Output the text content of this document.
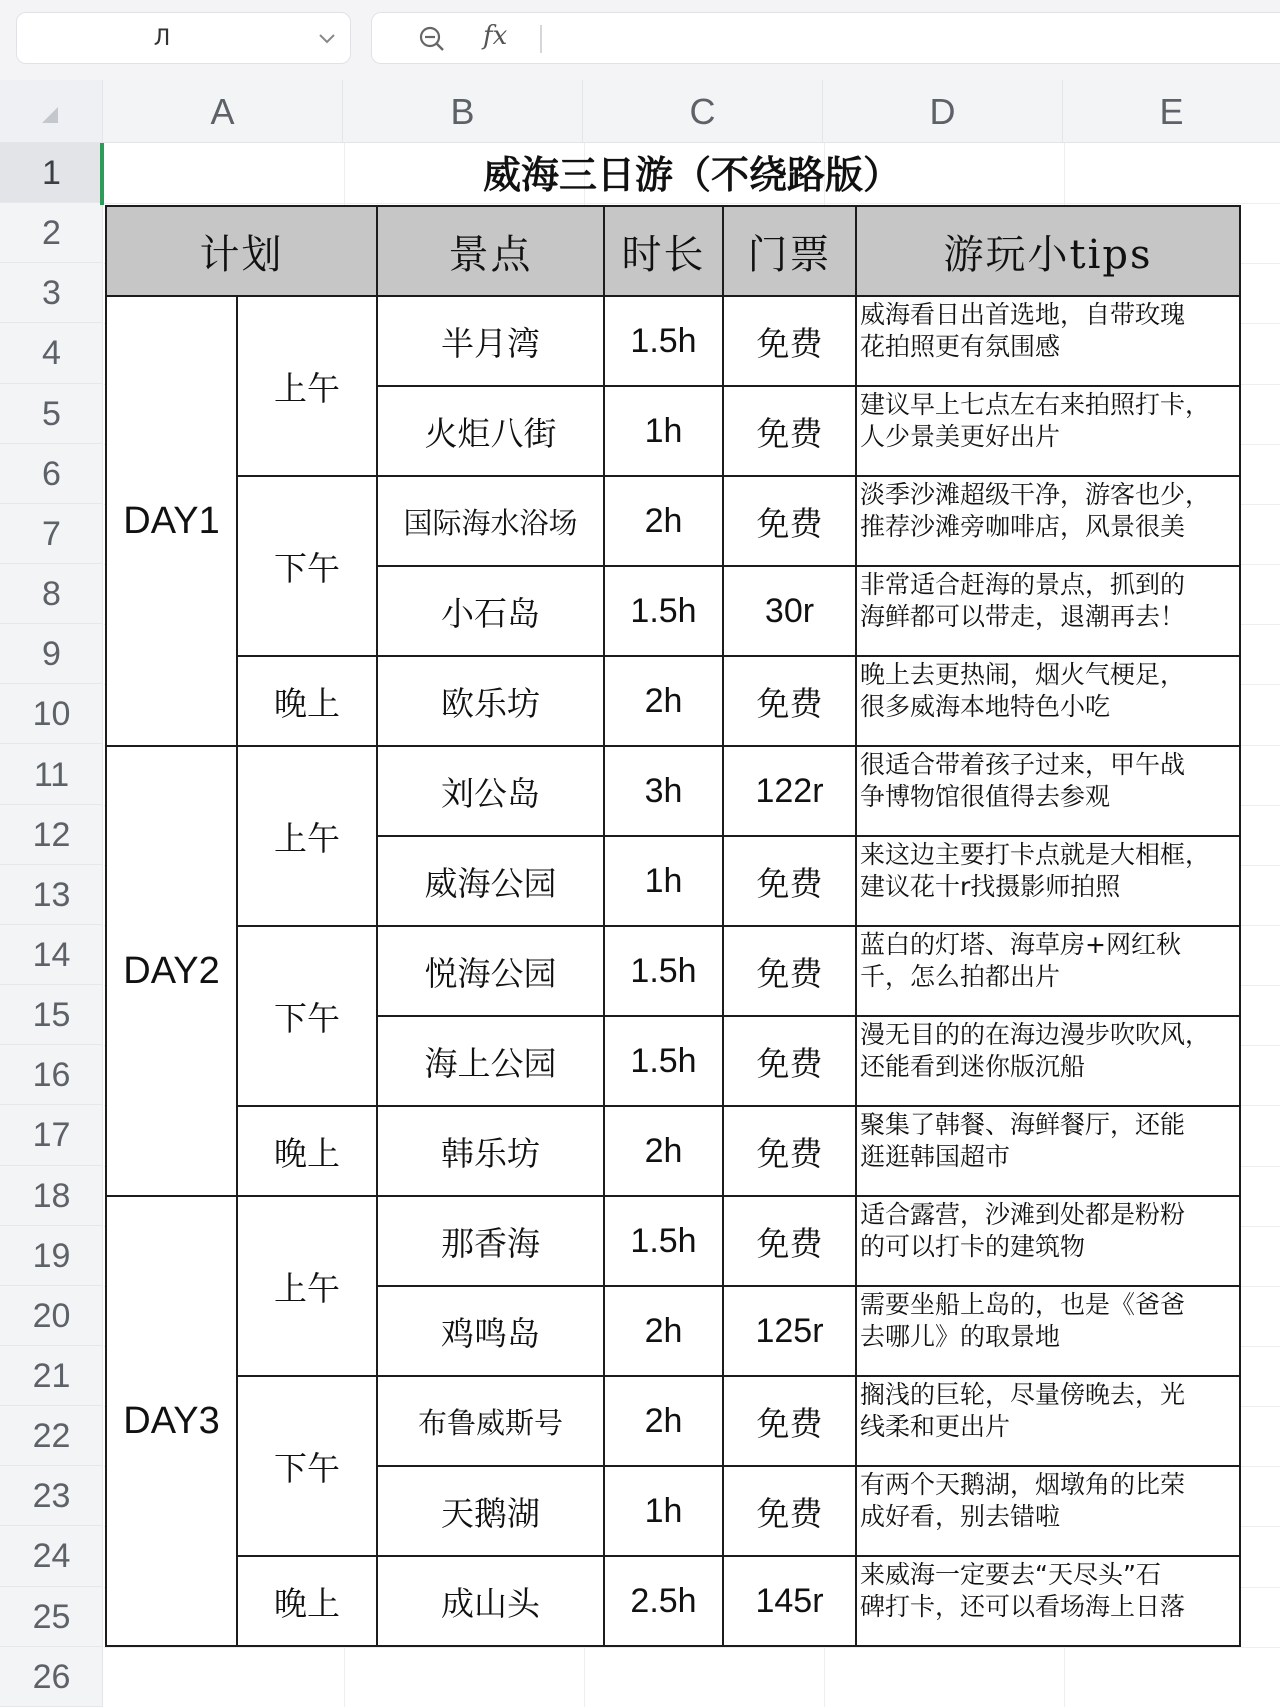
Л	fx
A	B	C	D	E
1
2
3
4
5
6
7
8
9
10
11
12
13
14
15
16
17
18
19
20
21
22
23
24
25
26
威海三日游（不绕路版）
计划		景点	时长	门票	游玩小tips
DAY1	上午	半月湾	1.5h	免费	威海看日出首选地，自带玫瑰
花拍照更有氛围感
		火炬八街	1h	免费	建议早上七点左右来拍照打卡，
人少景美更好出片
	下午	国际海水浴场	2h	免费	淡季沙滩超级干净，游客也少，
推荐沙滩旁咖啡店，风景很美
		小石岛	1.5h	30r	非常适合赶海的景点，抓到的
海鲜都可以带走，退潮再去！
	晚上	欧乐坊	2h	免费	晚上去更热闹，烟火气梗足，
很多威海本地特色小吃
DAY2	上午	刘公岛	3h	122r	很适合带着孩子过来，甲午战
争博物馆很值得去参观
		威海公园	1h	免费	来这边主要打卡点就是大相框，
建议花十r找摄影师拍照
	下午	悦海公园	1.5h	免费	蓝白的灯塔、海草房+网红秋
千，怎么拍都出片
		海上公园	1.5h	免费	漫无目的的在海边漫步吹吹风，
还能看到迷你版沉船
	晚上	韩乐坊	2h	免费	聚集了韩餐、海鲜餐厅，还能
逛逛韩国超市
DAY3	上午	那香海	1.5h	免费	适合露营，沙滩到处都是粉粉
的可以打卡的建筑物
		鸡鸣岛	2h	125r	需要坐船上岛的，也是《爸爸
去哪儿》的取景地
	下午	布鲁威斯号	2h	免费	搁浅的巨轮，尽量傍晚去，光
线柔和更出片
		天鹅湖	1h	免费	有两个天鹅湖，烟墩角的比荣
成好看，别去错啦
	晚上	成山头	2.5h	145r	来威海一定要去“天尽头”石
碑打卡，还可以看场海上日落
